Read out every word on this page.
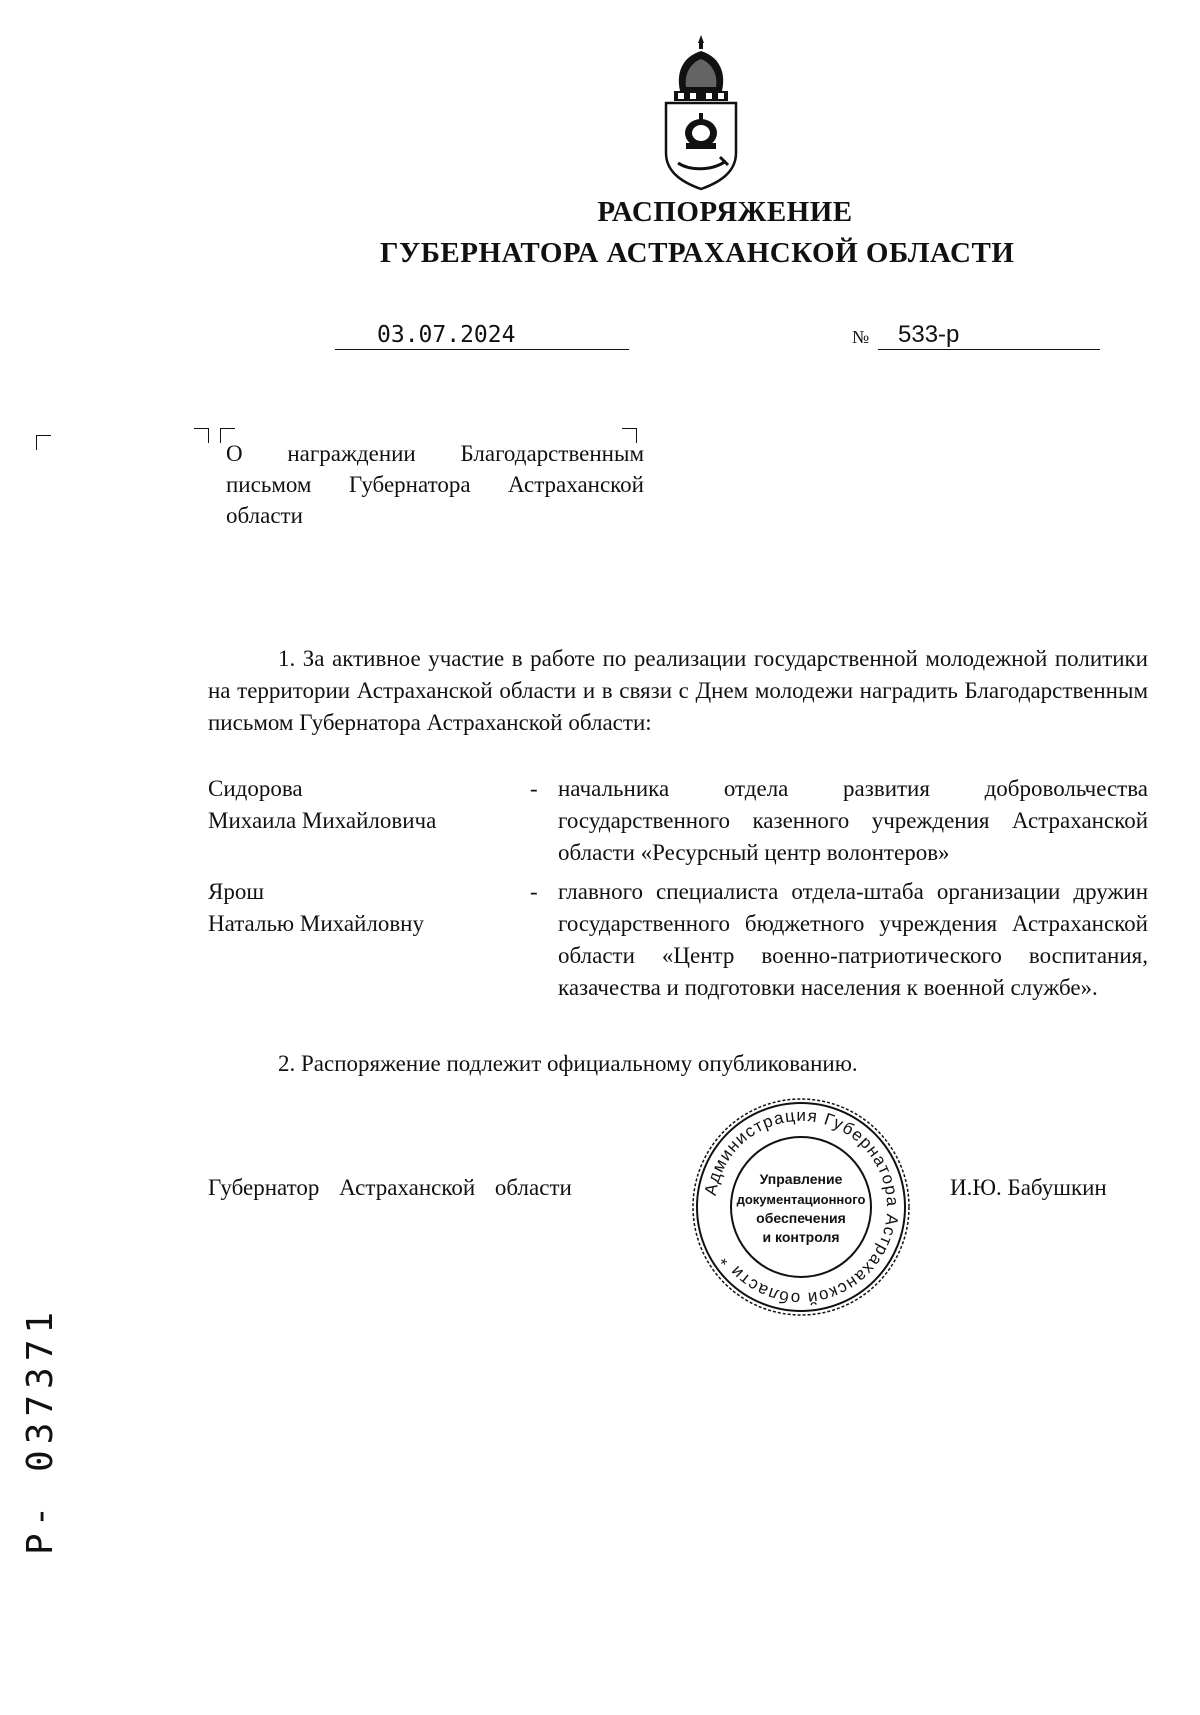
РАСПОРЯЖЕНИЕ
ГУБЕРНАТОРА АСТРАХАНСКОЙ ОБЛАСТИ
03.07.2024	№	533-р
О награждении Благодарственным письмом Губернатора Астраханской области
1. За активное участие в работе по реализации государственной молодежной политики на территории Астраханской области и в связи с Днем молодежи наградить Благодарственным письмом Губернатора Астраханской области:
Сидорова
Михаила Михайловича
- начальника отдела развития добровольчества государственного казенного учреждения Астраханской области «Ресурсный центр волонтеров»
Ярош
Наталью Михайловну
- главного специалиста отдела-штаба организации дружин государственного бюджетного учреждения Астраханской области «Центр военно-патриотического воспитания, казачества и подготовки населения к военной службе».
2. Распоряжение подлежит официальному опубликованию.
Губернатор Астраханской области	И.Ю. Бабушкин
Администрация Губернатора Астраханской области *
Управление
документационного
обеспечения
и контроля
Р- 037371
